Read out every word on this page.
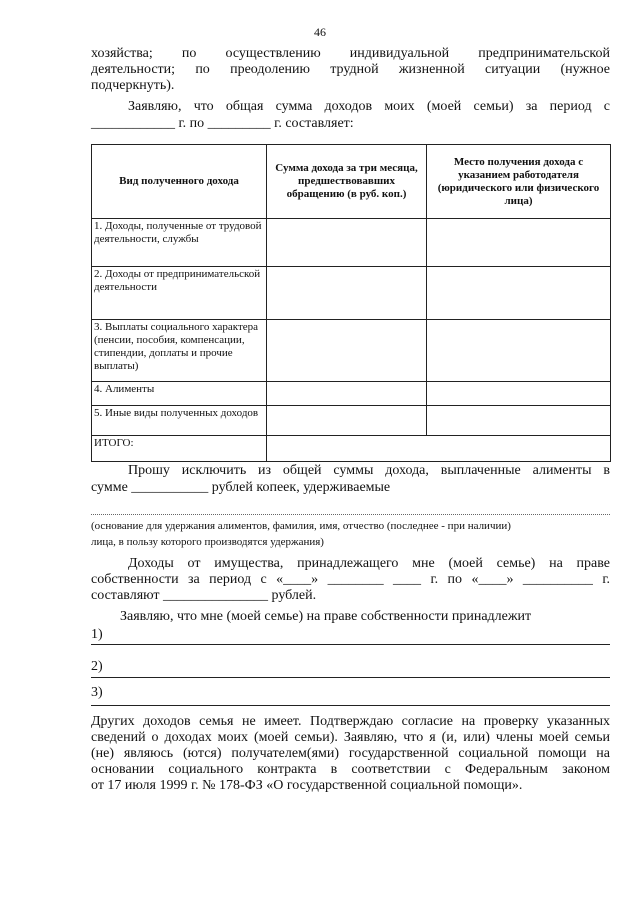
46
хозяйства; по осуществлению индивидуальной предпринимательской
деятельности; по преодолению трудной жизненной ситуации (нужное
подчеркнуть).
Заявляю, что общая сумма доходов моих (моей семьи) за период с
____________ г. по _________ г. составляет:
Вид полученного дохода	Сумма дохода за три месяца, предшествовавших обращению (в руб. коп.)	Место получения дохода с указанием работодателя (юридического или физического лица)
1. Доходы, полученные от трудовой деятельности, службы		
2. Доходы от предпринимательской деятельности		
3. Выплаты социального характера (пенсии, пособия, компенсации, стипендии, доплаты и прочие выплаты)		
4. Алименты		
5. Иные виды полученных доходов		
ИТОГО:		
Прошу исключить из общей суммы дохода, выплаченные алименты в
сумме ___________ рублей копеек, удерживаемые
(основание для удержания алиментов, фамилия, имя, отчество (последнее - при наличии)
лица, в пользу которого производятся удержания)
Доходы от имущества, принадлежащего мне (моей семье) на праве
собственности за период с «____» ________ ____ г. по «____» __________ г.
составляют _______________ рублей.
Заявляю, что мне (моей семье) на праве собственности принадлежит
1)
2)
3)
Других доходов семья не имеет. Подтверждаю согласие на проверку указанных
сведений о доходах моих (моей семьи). Заявляю, что я (и, или) члены моей семьи
(не) являюсь (ются) получателем(ями) государственной социальной помощи на
основании социального контракта в соответствии с Федеральным законом
от 17 июля 1999 г. № 178-ФЗ «О государственной социальной помощи».
